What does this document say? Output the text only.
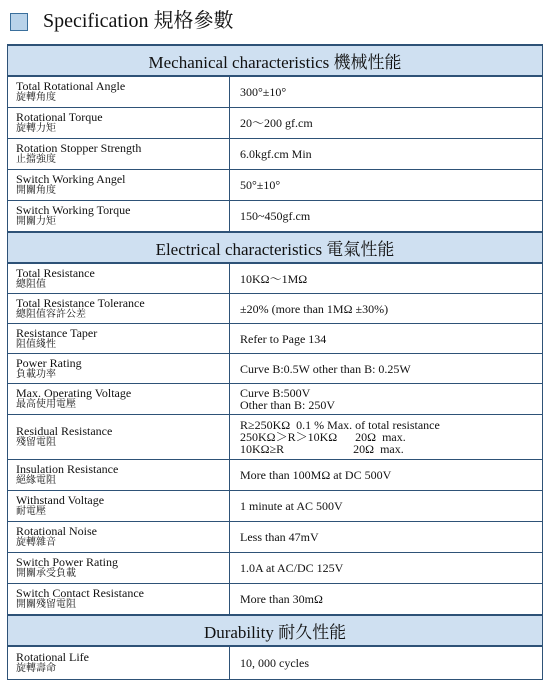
Specification 規格參數
Mechanical characteristics 機械性能	

Total Rotational Angle
旋轉角度	300°±10°

Rotational Torque
旋轉力矩	20～200 gf.cm

Rotation Stopper Strength
止擋強度	6.0kgf.cm Min

Switch Working Angel
開關角度	50°±10°

Switch Working Torque
開關力矩	150~450gf.cm
Electrical characteristics 電氣性能	

Total Resistance
總阻值	10KΩ～1MΩ

Total Resistance Tolerance
總阻值容許公差	±20% (more than 1MΩ ±30%)

Resistance Taper
阻值綫性	Refer to Page 134

Power Rating
負載功率	Curve B:0.5W other than B: 0.25W

Max. Operating Voltage
最高使用電壓	Curve B:500V
Other than B: 250V

Residual Resistance
殘留電阻	R≥250KΩ  0.1 % Max. of total resistance
250KΩ＞R＞10KΩ      20Ω  max.
10KΩ≥R                       20Ω  max.

Insulation Resistance
絕緣電阻	More than 100MΩ at DC 500V

Withstand Voltage
耐電壓	1 minute at AC 500V

Rotational Noise
旋轉雜音	Less than 47mV

Switch Power Rating
開關承受負載	1.0A at AC/DC 125V

Switch Contact Resistance
開關殘留電阻	More than 30mΩ
Durability 耐久性能	

Rotational Life
旋轉壽命	10, 000 cycles
